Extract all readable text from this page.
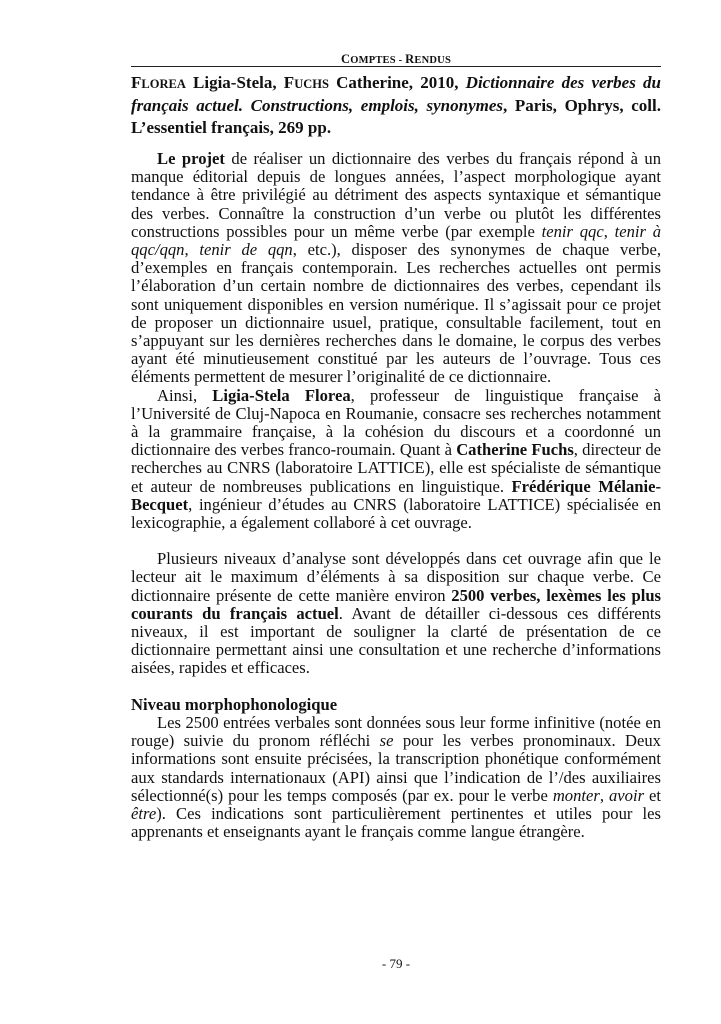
COMPTES - RENDUS
FLOREA Ligia-Stela, FUCHS Catherine, 2010, Dictionnaire des verbes du français actuel. Constructions, emplois, synonymes, Paris, Ophrys, coll. L’essentiel français, 269 pp.

Le projet de réaliser un dictionnaire des verbes du français répond à un manque éditorial depuis de longues années, l’aspect morphologique ayant tendance à être privilégié au détriment des aspects syntaxique et sémantique des verbes. Connaître la construction d’un verbe ou plutôt les différentes constructions possibles pour un même verbe (par exemple tenir qqc, tenir à qqc/qqn, tenir de qqn, etc.), disposer des synonymes de chaque verbe, d’exemples en français contemporain. Les recherches actuelles ont permis l’élaboration d’un certain nombre de dictionnaires des verbes, cependant ils sont uniquement disponibles en version numérique. Il s’agissait pour ce projet de proposer un dictionnaire usuel, pratique, consultable facilement, tout en s’appuyant sur les dernières recherches dans le domaine, le corpus des verbes ayant été minutieusement constitué par les auteurs de l’ouvrage. Tous ces éléments permettent de mesurer l’originalité de ce dictionnaire.

Ainsi, Ligia-Stela Florea, professeur de linguistique française à l’Université de Cluj-Napoca en Roumanie, consacre ses recherches notamment à la grammaire française, à la cohésion du discours et a coordonné un dictionnaire des verbes franco-roumain. Quant à Catherine Fuchs, directeur de recherches au CNRS (laboratoire LATTICE), elle est spécialiste de sémantique et auteur de nombreuses publications en linguistique. Frédérique Mélanie-Becquet, ingénieur d’études au CNRS (laboratoire LATTICE) spécialisée en lexicographie, a également collaboré à cet ouvrage.

Plusieurs niveaux d’analyse sont développés dans cet ouvrage afin que le lecteur ait le maximum d’éléments à sa disposition sur chaque verbe. Ce dictionnaire présente de cette manière environ 2500 verbes, lexèmes les plus courants du français actuel. Avant de détailler ci-dessous ces différents niveaux, il est important de souligner la clarté de présentation de ce dictionnaire permettant ainsi une consultation et une recherche d’informations aisées, rapides et efficaces.

Niveau morphophonologique

Les 2500 entrées verbales sont données sous leur forme infinitive (notée en rouge) suivie du pronom réfléchi se pour les verbes pronominaux. Deux informations sont ensuite précisées, la transcription phonétique conformément aux standards internationaux (API) ainsi que l’indication de l’/des auxiliaires sélectionné(s) pour les temps composés (par ex. pour le verbe monter, avoir et être). Ces indications sont particulièrement pertinentes et utiles pour les apprenants et enseignants ayant le français comme langue étrangère.

- 79 -
